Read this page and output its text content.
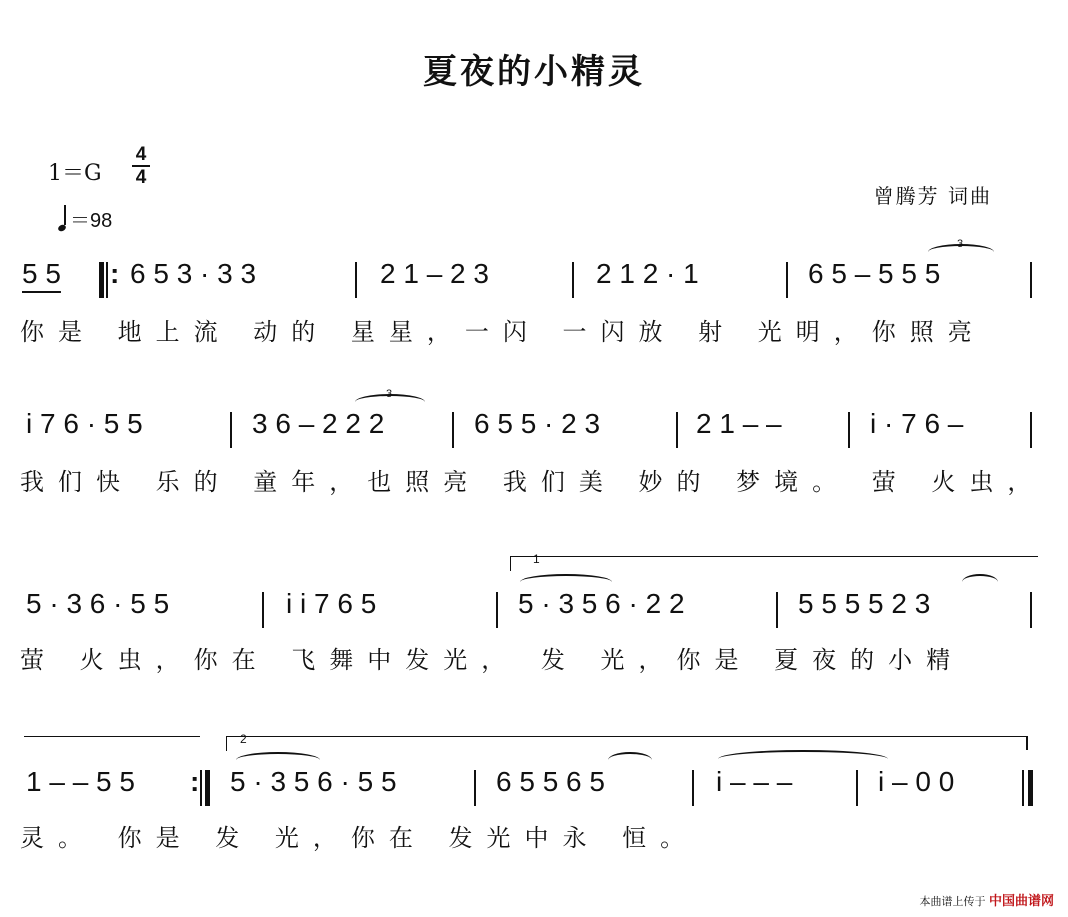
夏夜的小精灵
1＝G
4
4
＝98
曾腾芳 词曲
5 5 : 6 5 3 · 3 3	2 1 – 2 3	2 1 2 · 1	6 5 – 5 5 5
3
你是 地上流 动的 星星，一闪 一闪放 射 光明，你照亮
i 7 6 · 5 5	3 6 – 2 2 2	6 5 5 · 2 3	2 1 – –	i · 7 6 –
3
我们快 乐的 童年，也照亮 我们美 妙的 梦境。 萤 火虫，
1
5 · 3 6 · 5 5	i i 7 6 5	5 · 3 5 6 · 2 2	5 5 5 5 2 3
萤 火虫，你在 飞舞中发光， 发 光，你是 夏夜的小精
2
1 – – 5 5 : 5 · 3 5 6 · 5 5	6 5 5 6 5	i – – –	i – 0 0
灵。 你是 发 光，你在 发光中永 恒。
本曲谱上传于 中国曲谱网
